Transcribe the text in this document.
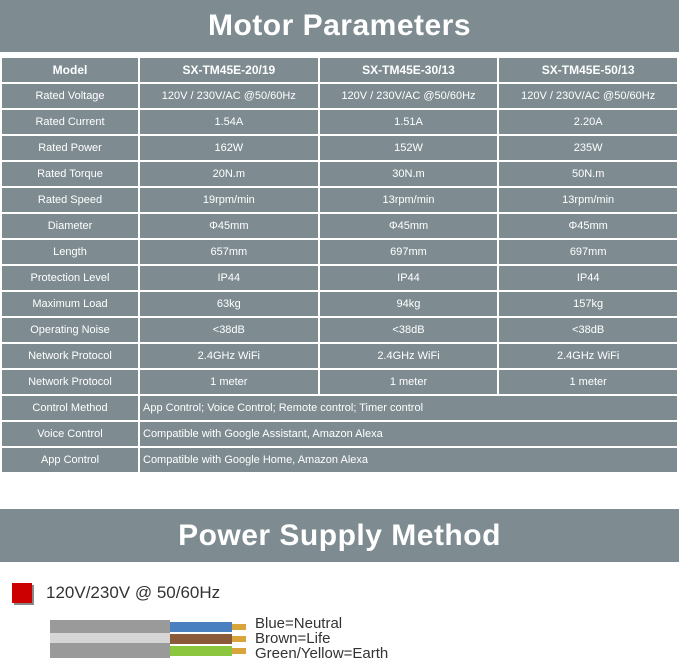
Motor Parameters
Model	SX-TM45E-20/19	SX-TM45E-30/13	SX-TM45E-50/13
Rated Voltage	120V / 230V/AC @50/60Hz	120V / 230V/AC @50/60Hz	120V / 230V/AC @50/60Hz
Rated Current	1.54A	1.51A	2.20A
Rated Power	162W	152W	235W
Rated Torque	20N.m	30N.m	50N.m
Rated Speed	19rpm/min	13rpm/min	13rpm/min
Diameter	Φ45mm	Φ45mm	Φ45mm
Length	657mm	697mm	697mm
Protection Level	IP44	IP44	IP44
Maximum Load	63kg	94kg	157kg
Operating Noise	<38dB	<38dB	<38dB
Network Protocol	2.4GHz WiFi	2.4GHz WiFi	2.4GHz WiFi
Network Protocol	1 meter	1 meter	1 meter
Control Method	App Control; Voice Control; Remote control; Timer control		
Voice Control	Compatible with Google Assistant, Amazon Alexa		
App Control	Compatible with Google Home, Amazon Alexa		
Power Supply Method
120V/230V @ 50/60Hz
Blue=Neutral
Brown=Life
Green/Yellow=Earth
